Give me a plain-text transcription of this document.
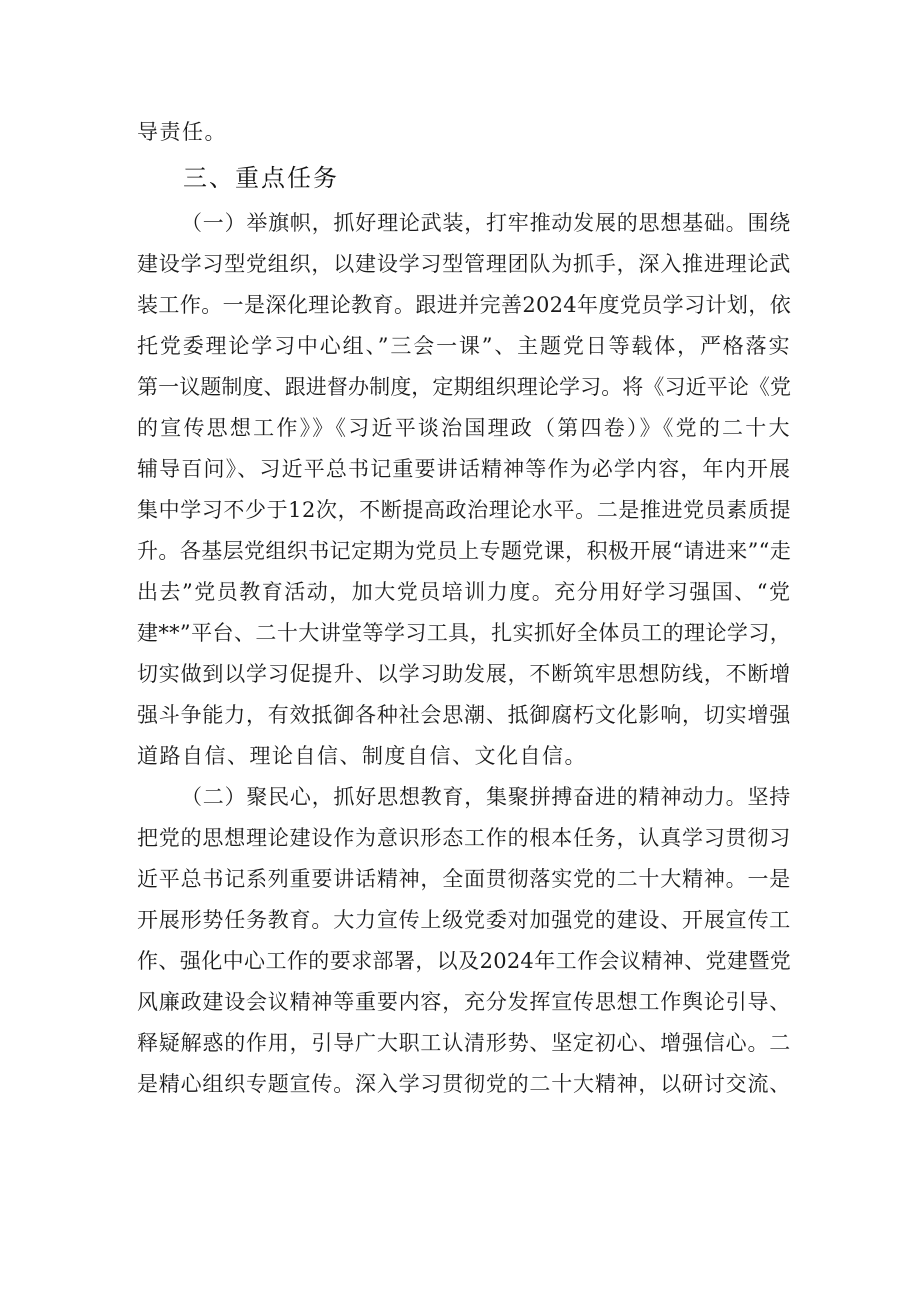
导责任。
三、重点任务
（一）举旗帜，抓好理论武装，打牢推动发展的思想基础。围绕
建设学习型党组织，以建设学习型管理团队为抓手，深入推进理论武
装工作。一是深化理论教育。跟进并完善2024年度党员学习计划，依
托党委理论学习中心组、”三会一课”、主题党日等载体，严格落实
第一议题制度、跟进督办制度，定期组织理论学习。将《习近平论《党
的宣传思想工作》》《习近平谈治国理政（第四卷）》《党的二十大
辅导百问》、习近平总书记重要讲话精神等作为必学内容，年内开展
集中学习不少于12次，不断提高政治理论水平。二是推进党员素质提
升。各基层党组织书记定期为党员上专题党课，积极开展“请进来”“走
出去”党员教育活动，加大党员培训力度。充分用好学习强国、“党
建**”平台、二十大讲堂等学习工具，扎实抓好全体员工的理论学习，
切实做到以学习促提升、以学习助发展，不断筑牢思想防线，不断增
强斗争能力，有效抵御各种社会思潮、抵御腐朽文化影响，切实增强
道路自信、理论自信、制度自信、文化自信。
（二）聚民心，抓好思想教育，集聚拼搏奋进的精神动力。坚持
把党的思想理论建设作为意识形态工作的根本任务，认真学习贯彻习
近平总书记系列重要讲话精神，全面贯彻落实党的二十大精神。一是
开展形势任务教育。大力宣传上级党委对加强党的建设、开展宣传工
作、强化中心工作的要求部署，以及2024年工作会议精神、党建暨党
风廉政建设会议精神等重要内容，充分发挥宣传思想工作舆论引导、
释疑解惑的作用，引导广大职工认清形势、坚定初心、增强信心。二
是精心组织专题宣传。深入学习贯彻党的二十大精神，以研讨交流、
